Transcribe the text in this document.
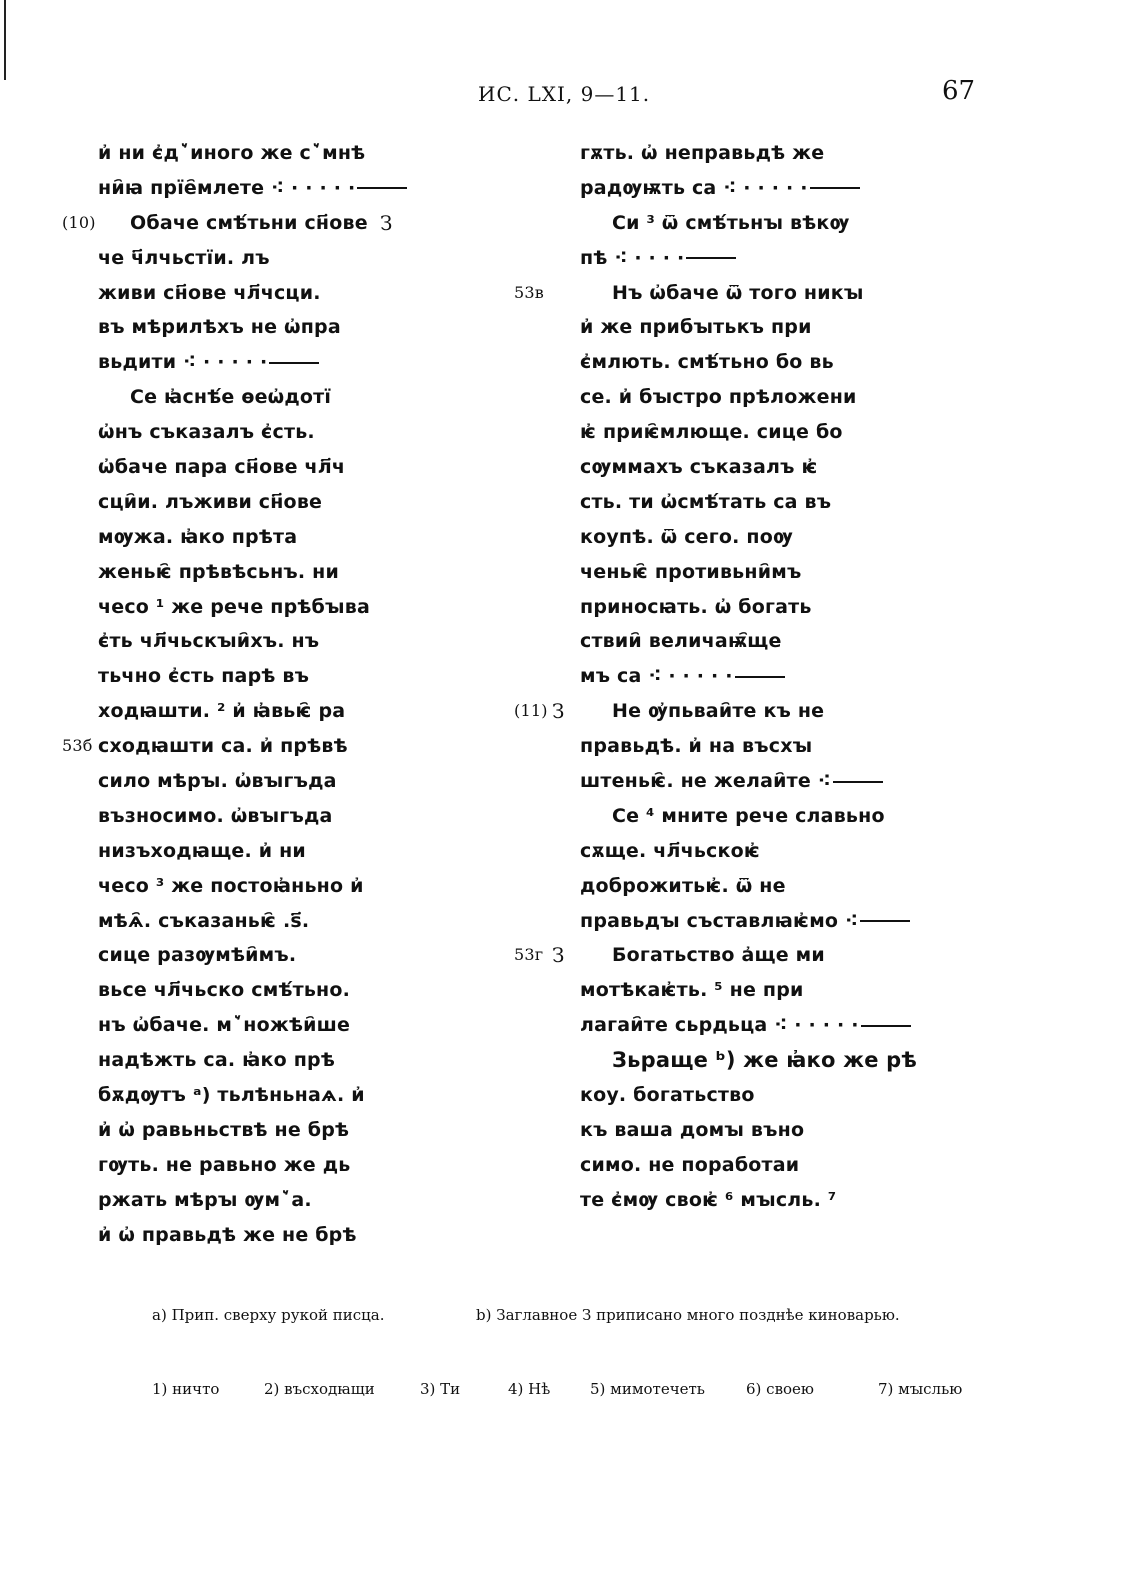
ИС. LXI, 9—11.	67
и҆ ни є҆дꙿиного же сꙿмнѣ
ни҄ꙗ прїе҄млете ⁖ · · · · ·
Обаче смѣ́тьни сн҃ове
(10)	З
че ч҃лчьстїи. лъ
живи сн҃ове чл҃чсци.
въ мѣрилѣхъ не ѡ҆пра
вьдити ⁖ · · · · ·
Се ꙗ҆снѣ́е ѳеѡ҆дотї
ѡ҆нъ съказалъ є҆сть.
ѡ҆баче пара сн҃ове чл҃ч
сци҄и. лъживи сн҃ове
мѹжа. ꙗ҆ко прѣта
женьѥ҄ прѣвѣсьнъ. ни
чесо ¹ же рече прѣбꙑва
є҆ть чл҃чьскꙑи҄хъ. нъ
тьчно є҆сть парѣ въ
ходꙗшти. ² и҆ ꙗ҆вьѥ҄ ра
сходꙗшти са. и҆ прѣвѣ
53б
сило мѣрꙑ. ѡ҆вꙑгъда
възносимо. ѡ҆вꙑгъда
низъходꙗще. и҆ ни
чесо ³ же постоꙗ҆ньно и҆
мѣѧ҄. съказаньѥ҄ .ѕ҃.
сице разѹмѣи҄мъ.
вьсе чл҃чьско смѣ́тьно.
нъ ѡ҆баче. мꙿножѣи҄ше
надѣжть са. ꙗ҆ко прѣ
бѫдѹтъ ᵃ) тьлѣньнаѧ. и҆
и҆ ѡ҆ равьньствѣ не брѣ
гѹть. не равьно же дь
ржать мѣрꙑ ѹмꙿа.
и҆ ѡ҆ правьдѣ же не брѣ
гѫть. ѡ҆ неправьдѣ же
радѹѭть са ⁖ · · · · ·
Си ³ ѿ смѣ́тьнꙑ вѣкѹ
пѣ ⁖ · · · ·
Нъ ѡ҆баче ѿ того никꙑ
53в
и҆ же прибꙑтькъ при
є҆млють. смѣ́тьно бо вь
се. и҆ бꙑстро прѣложени
ѥ҆ приѥ҄млюще. сице бо
сѹммахъ съказалъ ѥ҆
сть. ти ѡ҆смѣ́тать са въ
коупѣ. ѿ сего. поѹ
ченьѥ҄ противьни҄мъ
приносꙗть. ѡ҆ богать
ствии҄ величаѭ҄ще
мъ са ⁖ · · · · ·
Не ѹ҆пьваи҄те къ не
(11) З
правьдѣ. и҆ на въсхꙑ
штеньѥ҄. не желаи҄те ⁖
Се ⁴ мните рече славьно
сѫще. чл҃чьскоѥ҆
доброжитьѥ҆. ѿ не
правьдꙑ съставлꙗѥ҆мо ⁖
Богатьство а҆ще ми
53г З
мотѣкаѥ҆ть. ⁵ не при
лагаи҄те сьрдьца ⁖ · · · · ·
Зьраще ᵇ) же ꙗ҆ко же рѣ
коу. богатьство
къ ваша домꙑ вънo
симо. не поработаи
те є҆мѹ своѥ҆ ⁶ мꙑсль. ⁷
a) Прип. сверху рукой писца.	b) Заглавное З приписано много позднѣе киноварью.
1) ничто	2) въсходꙗщи	3) Ти	4) Нѣ	5) мимотечеть	6) своею	7) мꙑслью
